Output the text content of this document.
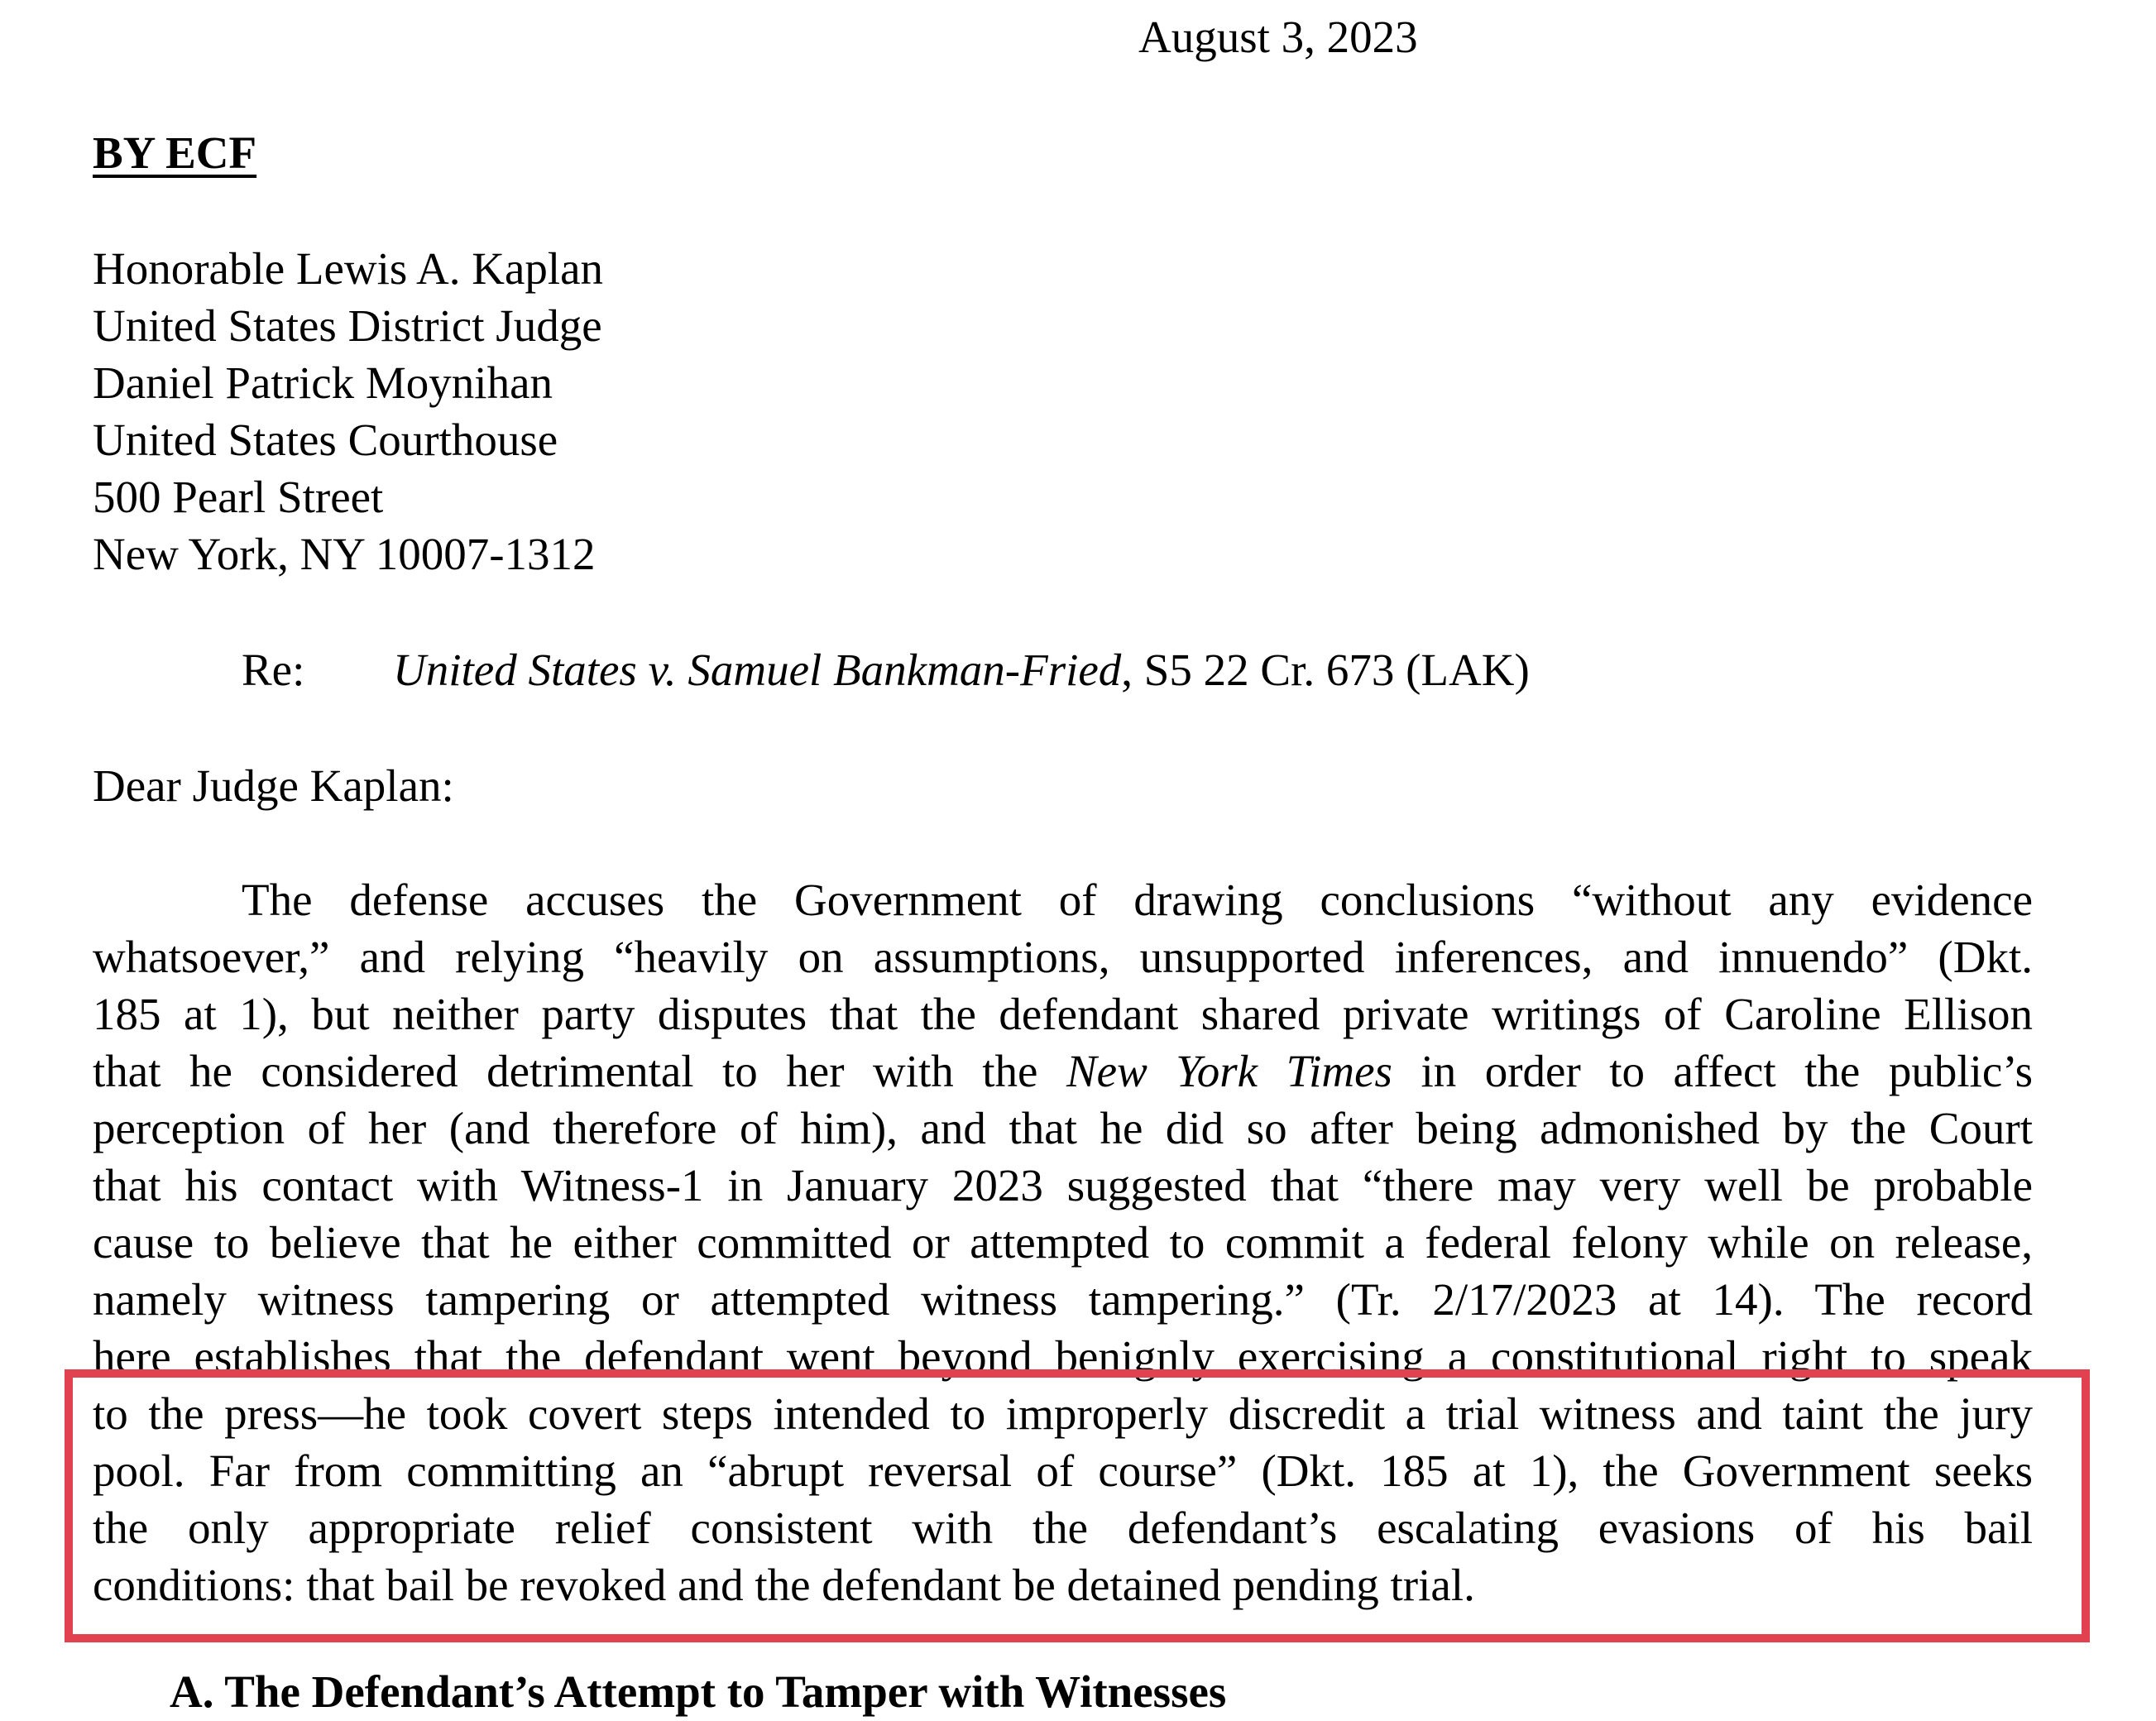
August 3, 2023
BY ECF
Honorable Lewis A. Kaplan
United States District Judge
Daniel Patrick Moynihan
United States Courthouse
500 Pearl Street
New York, NY 10007-1312
Re: United States v. Samuel Bankman-Fried, S5 22 Cr. 673 (LAK)
Dear Judge Kaplan:
The defense accuses the Government of drawing conclusions “without any evidence
whatsoever,” and relying “heavily on assumptions, unsupported inferences, and innuendo” (Dkt.
185 at 1), but neither party disputes that the defendant shared private writings of Caroline Ellison
that he considered detrimental to her with the New York Times in order to affect the public’s
perception of her (and therefore of him), and that he did so after being admonished by the Court
that his contact with Witness-1 in January 2023 suggested that “there may very well be probable
cause to believe that he either committed or attempted to commit a federal felony while on release,
namely witness tampering or attempted witness tampering.” (Tr. 2/17/2023 at 14). The record
here establishes that the defendant went beyond benignly exercising a constitutional right to speak
to the press—he took covert steps intended to improperly discredit a trial witness and taint the jury
pool. Far from committing an “abrupt reversal of course” (Dkt. 185 at 1), the Government seeks
the only appropriate relief consistent with the defendant’s escalating evasions of his bail
conditions: that bail be revoked and the defendant be detained pending trial.
A. The Defendant’s Attempt to Tamper with Witnesses
